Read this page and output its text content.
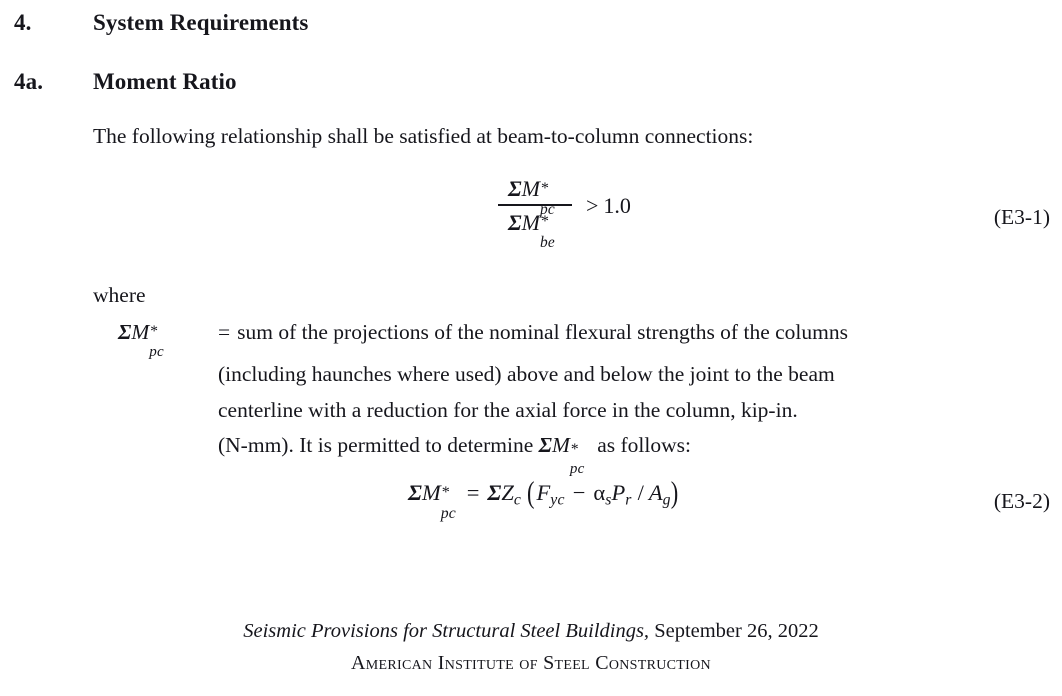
4.	System Requirements
4a.	Moment Ratio
The following relationship shall be satisfied at beam-to-column connections:
ΣM *
pc
ΣM *
be > 1.0	(E3-1)
where
ΣM *
pc
= sum of the projections of the nominal flexural strengths of the columns
(including haunches where used) above and below the joint to the beam
centerline with a reduction for the axial force in the column, kip-in.
(N-mm). It is permitted to determine ΣM *
pc
as follows:
ΣM *
pc
= $\Sigma Z_c$ $(F_{yc} - \alpha_sP_r / A_g)$	(E3-2)
Seismic Provisions for Structural Steel Buildings, September 26, 2022
American Institute of Steel Construction
